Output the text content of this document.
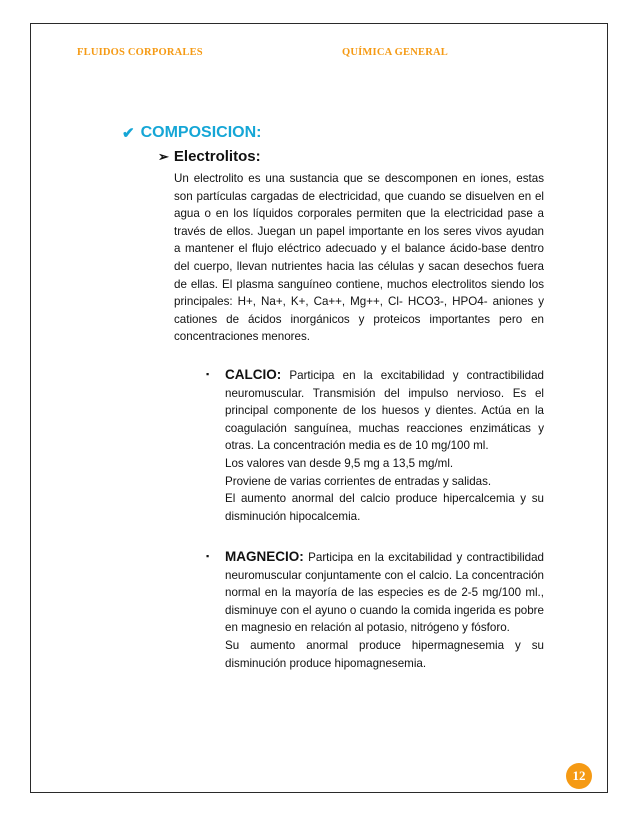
FLUIDOS CORPORALES	QUÍMICA GENERAL
✔ COMPOSICION:
➢ Electrolitos:

Un electrolito es una sustancia que se descomponen en iones, estas son partículas cargadas de electricidad, que cuando se disuelven en el agua o en los líquidos corporales permiten que la electricidad pase a través de ellos. Juegan un papel importante en los seres vivos ayudan a mantener el flujo eléctrico adecuado y el balance ácido-base dentro del cuerpo, llevan nutrientes hacia las células y sacan desechos fuera de ellas. El plasma sanguíneo contiene, muchos electrolitos siendo los principales: H+, Na+, K+, Ca++, Mg++, Cl- HCO3-, HPO4- aniones y cationes de ácidos inorgánicos y proteicos importantes pero en concentraciones menores.

▪ CALCIO: Participa en la excitabilidad y contractibilidad neuromuscular. Transmisión del impulso nervioso. Es el principal componente de los huesos y dientes. Actúa en la coagulación sanguínea, muchas reacciones enzimáticas y otras. La concentración media es de 10 mg/100 ml.

Los valores van desde 9,5 mg a 13,5 mg/ml.

Proviene de varias corrientes de entradas y salidas.

El aumento anormal del calcio produce hipercalcemia y su disminución hipocalcemia.

▪ MAGNECIO: Participa en la excitabilidad y contractibilidad neuromuscular conjuntamente con el calcio. La concentración normal en la mayoría de las especies es de 2-5 mg/100 ml., disminuye con el ayuno o cuando la comida ingerida es pobre en magnesio en relación al potasio, nitrógeno y fósforo.

Su aumento anormal produce hipermagnesemia y su disminución produce hipomagnesemia.

12
